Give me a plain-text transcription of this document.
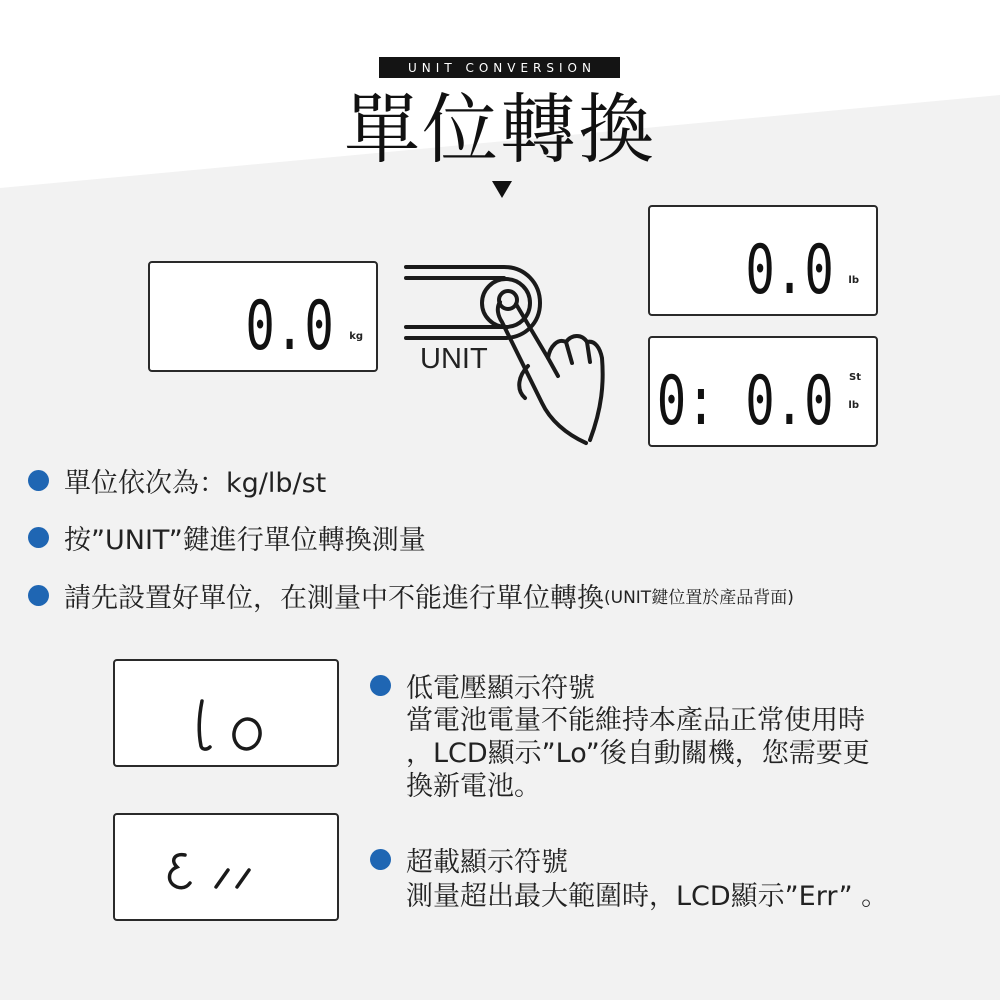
UNIT CONVERSION
單位轉換
0.0 kg
UNIT
0.0 lb
0: 0.0 St
lb
單位依次為：kg/lb/st
按”UNIT”鍵進行單位轉換測量
請先設置好單位，在測量中不能進行單位轉換 (UNIT鍵位置於產品背面)
低電壓顯示符號
當電池電量不能維持本產品正常使用時
，LCD顯示”Lo”後自動關機，您需要更
換新電池。
超載顯示符號
測量超出最大範圍時，LCD顯示”Err” 。
